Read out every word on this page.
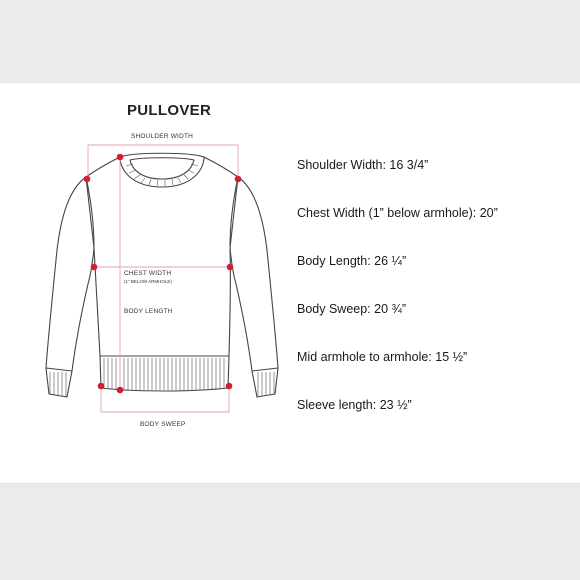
PULLOVER
SHOULDER WIDTH
CHEST WIDTH
(1" BELOW ARMHOLE)
BODY LENGTH
BODY SWEEP
Shoulder Width: 16 3/4”
Chest Width (1” below armhole): 20”
Body Length: 26 ¼”
Body Sweep: 20 ¾”
Mid armhole to armhole: 15 ½”
Sleeve length: 23 ½”
